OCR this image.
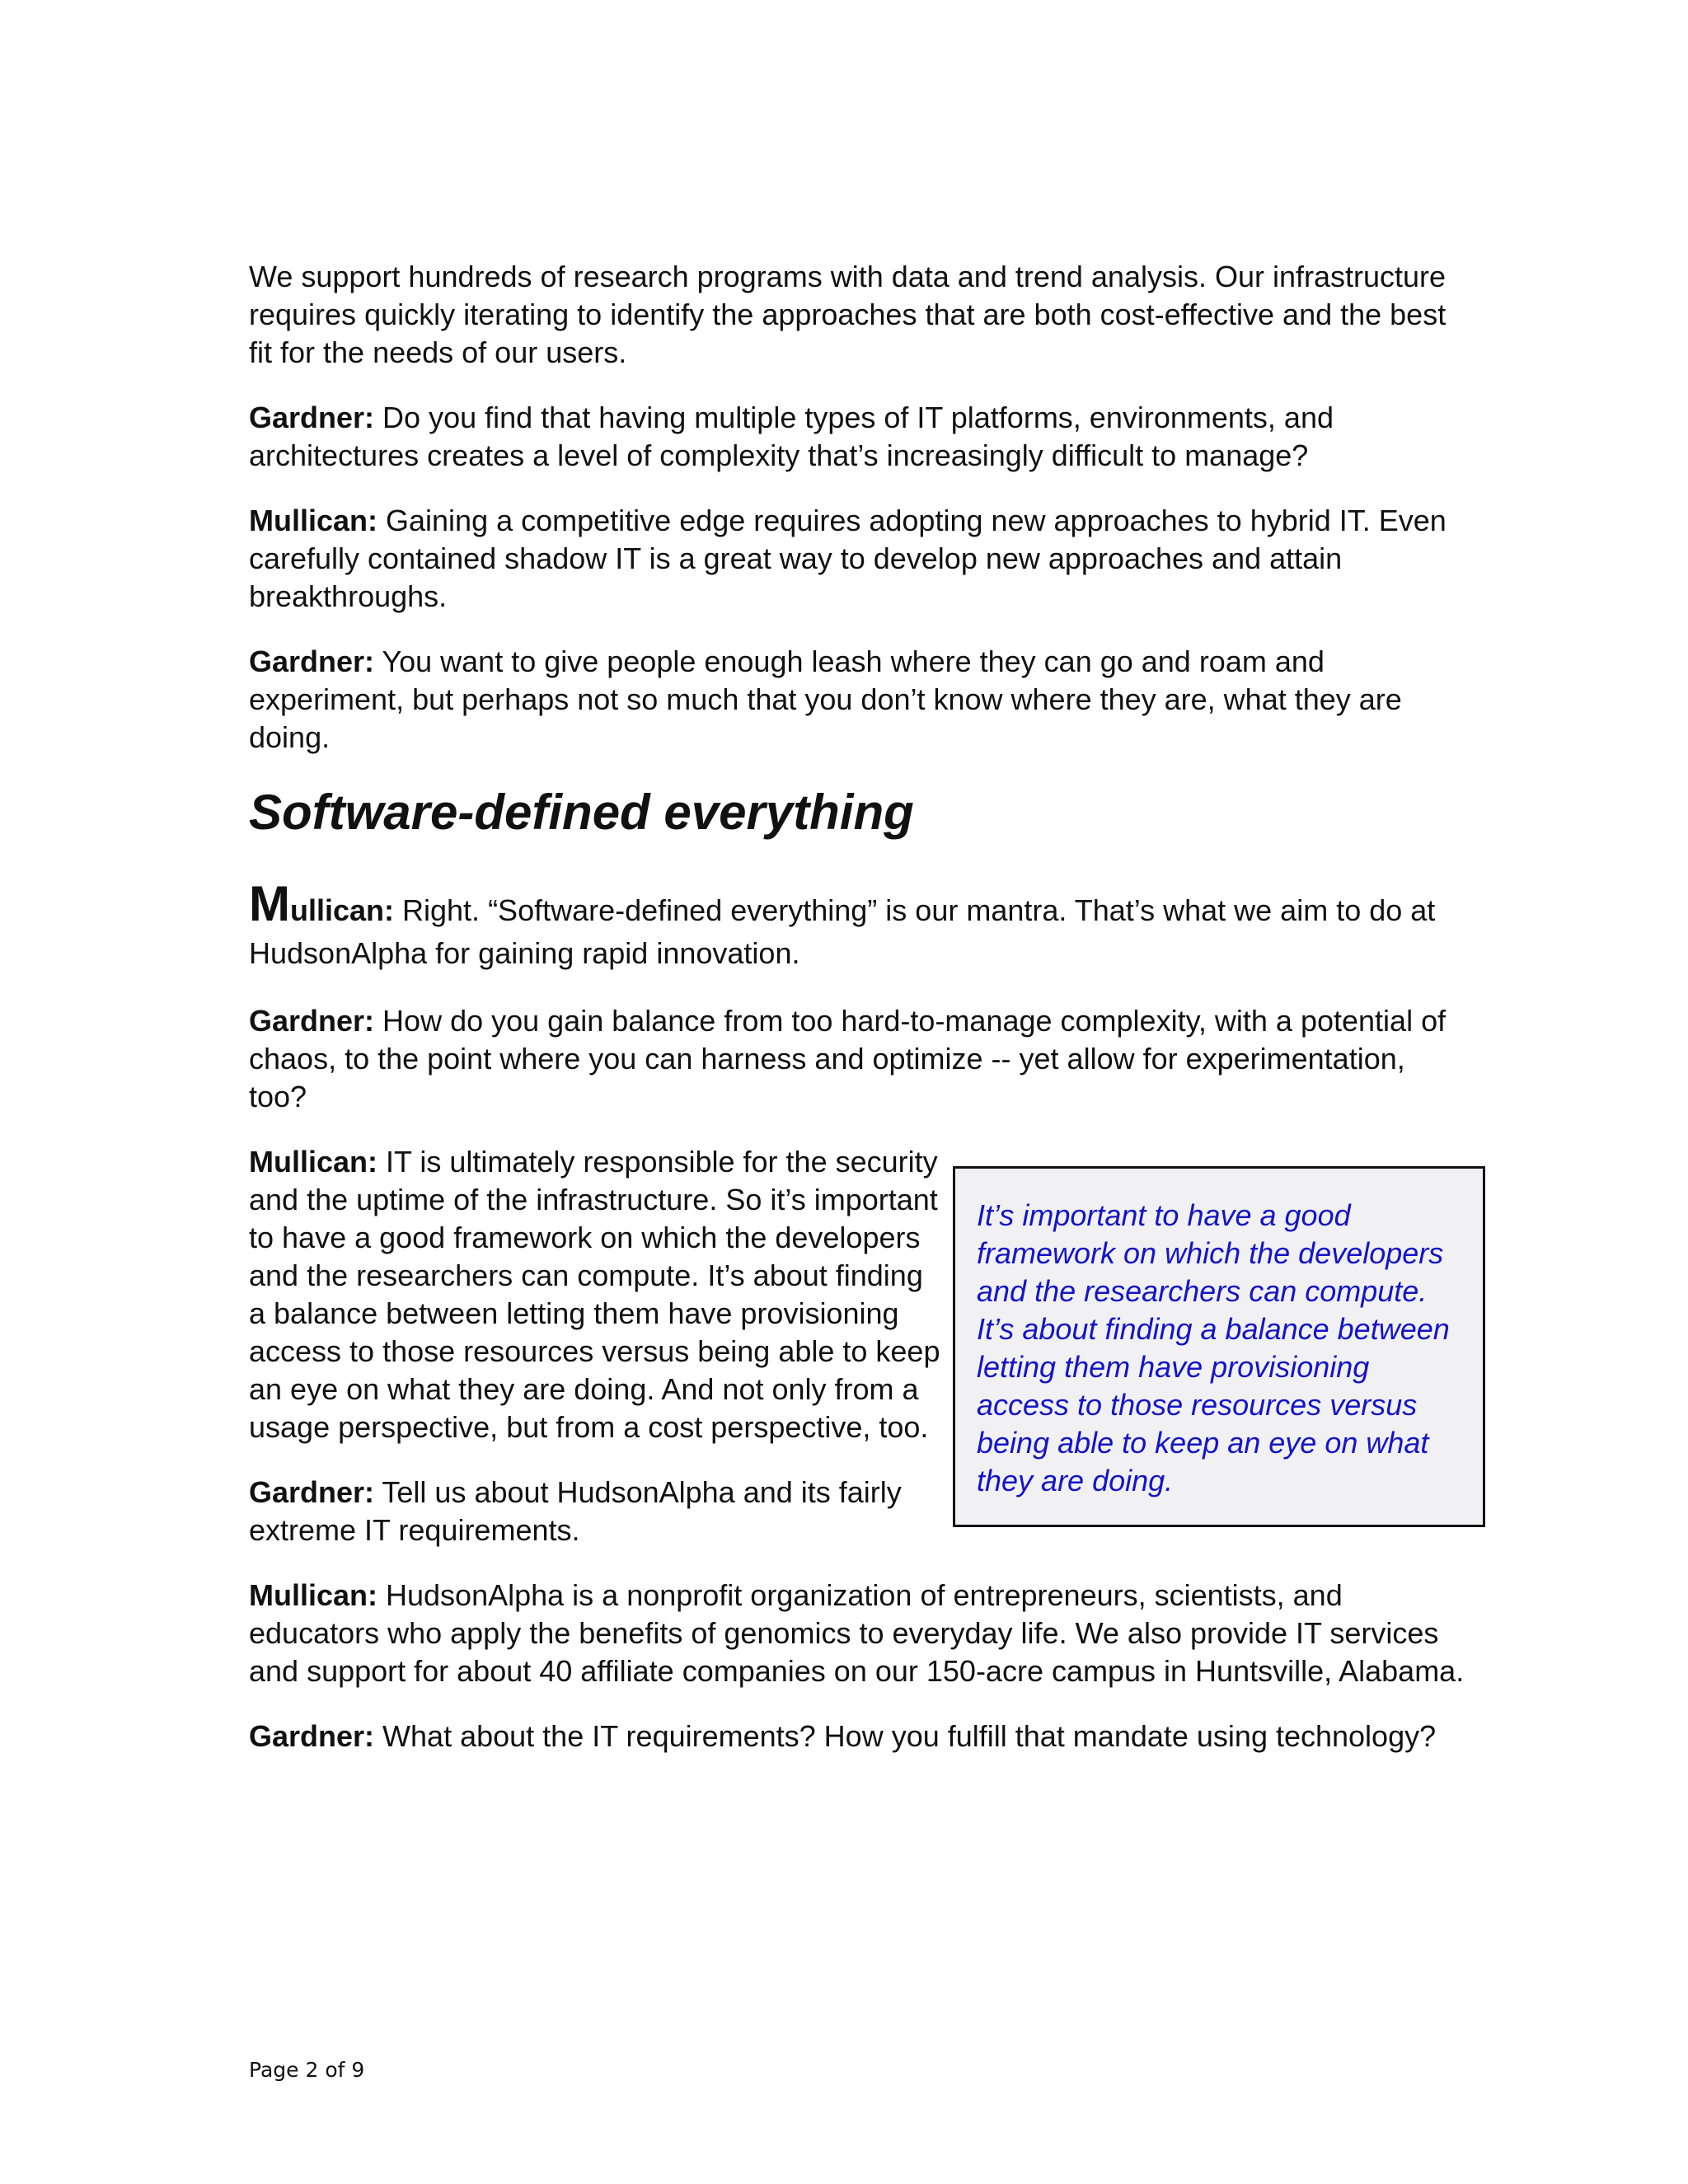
We support hundreds of research programs with data and trend analysis. Our infrastructure requires quickly iterating to identify the approaches that are both cost-effective and the best fit for the needs of our users.

Gardner: Do you find that having multiple types of IT platforms, environments, and architectures creates a level of complexity that’s increasingly difficult to manage?

Mullican: Gaining a competitive edge requires adopting new approaches to hybrid IT. Even carefully contained shadow IT is a great way to develop new approaches and attain breakthroughs.

Gardner: You want to give people enough leash where they can go and roam and experiment, but perhaps not so much that you don’t know where they are, what they are doing.

Software-defined everything

Mullican: Right. “Software-defined everything” is our mantra. That’s what we aim to do at HudsonAlpha for gaining rapid innovation.

Gardner: How do you gain balance from too hard-to-manage complexity, with a potential of chaos, to the point where you can harness and optimize -- yet allow for experimentation, too?

Mullican: IT is ultimately responsible for the security and the uptime of the infrastructure. So it’s important to have a good framework on which the developers and the researchers can compute. It’s about finding a balance between letting them have provisioning access to those resources versus being able to keep an eye on what they are doing. And not only from a usage perspective, but from a cost perspective, too.

Gardner: Tell us about HudsonAlpha and its fairly extreme IT requirements.

Mullican: HudsonAlpha is a nonprofit organization of entrepreneurs, scientists, and educators who apply the benefits of genomics to everyday life. We also provide IT services and support for about 40 affiliate companies on our 150-acre campus in Huntsville, Alabama.

Gardner: What about the IT requirements? How you fulfill that mandate using technology?

It’s important to have a good framework on which the developers and the researchers can compute. It’s about finding a balance between letting them have provisioning access to those resources versus being able to keep an eye on what they are doing.

Page 2 of 9
